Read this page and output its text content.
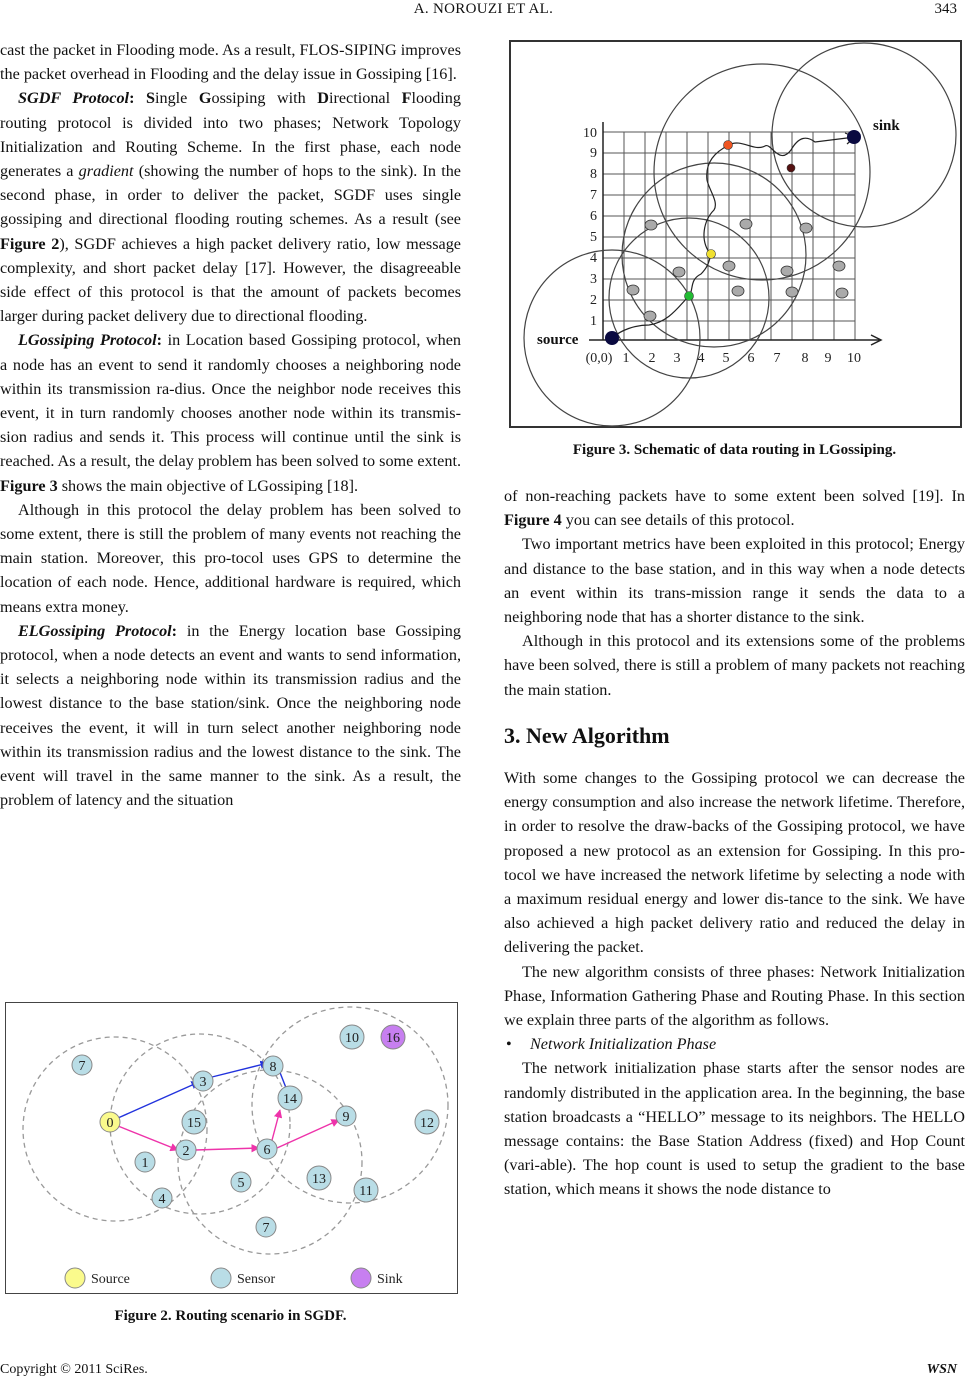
A. NOROUZI ET AL.	343

cast the packet in Flooding mode. As a result, FLOS-SIPING improves the packet overhead in Flooding and the delay issue in Gossiping [16].

SGDF Protocol: Single Gossiping with Directional Flooding routing protocol is divided into two phases; Network Topology Initialization and Routing Scheme. In the first phase, each node generates a gradient (showing the number of hops to the sink). In the second phase, in order to deliver the packet, SGDF uses single gossiping and directional flooding routing schemes. As a result (see Figure 2), SGDF achieves a high packet delivery ratio, low message complexity, and short packet delay [17]. However, the disagreeable side effect of this protocol is that the amount of packets becomes larger during packet delivery due to directional flooding.

LGossiping Protocol: in Location based Gossiping protocol, when a node has an event to send it randomly chooses a neighboring node within its transmission ra-dius. Once the neighbor node receives this event, it in turn randomly chooses another node within its transmis-sion radius and sends it. This process will continue until the sink is reached. As a result, the delay problem has been solved to some extent. Figure 3 shows the main objective of LGossiping [18].

Although in this protocol the delay problem has been solved to some extent, there is still the problem of many events not reaching the main station. Moreover, this pro-tocol uses GPS to determine the location of each node. Hence, additional hardware is required, which means extra money.

ELGossiping Protocol: in the Energy location base Gossiping protocol, when a node detects an event and wants to send information, it selects a neighboring node within its transmission radius and the lowest distance to the base station/sink. Once the neighboring node receives the event, it will in turn select another neighboring node within its transmission radius and the lowest distance to the sink. The event will travel in the same manner to the sink. As a result, the problem of latency and the situation

0
1
2
3
4
5
6
7
7
8
9
10
11
12
13
14
15
16
Source	Sensor	Sink
Figure 2. Routing scenario in SGDF.
1
2
3
4
5
6
7
8
9
10
1 2 3 4 5 6 7 8 9 10
(0,0)
source
sink
Figure 3. Schematic of data routing in LGossiping.

of non-reaching packets have to some extent been solved [19]. In Figure 4 you can see details of this protocol.

Two important metrics have been exploited in this protocol; Energy and distance to the base station, and in this way when a node detects an event within its trans-mission range it sends the data to a neighboring node that has a shorter distance to the sink.

Although in this protocol and its extensions some of the problems have been solved, there is still a problem of many packets not reaching the main station.

3. New Algorithm

With some changes to the Gossiping protocol we can decrease the energy consumption and also increase the network lifetime. Therefore, in order to resolve the draw-backs of the Gossiping protocol, we have proposed a new protocol as an extension for Gossiping. In this pro-tocol we have increased the network lifetime by selecting a node with a maximum residual energy and lower dis-tance to the sink. We have also achieved a high packet delivery ratio and reduced the delay in delivering the packet.

The new algorithm consists of three phases: Network Initialization Phase, Information Gathering Phase and Routing Phase. In this section we explain three parts of the algorithm as follows.

• Network Initialization Phase

The network initialization phase starts after the sensor nodes are randomly distributed in the application area. In the beginning, the base station broadcasts a “HELLO” message to its neighbors. The HELLO message contains: the Base Station Address (fixed) and Hop Count (vari-able). The hop count is used to setup the gradient to the base station, which means it shows the node distance to

Copyright © 2011 SciRes.	WSN
